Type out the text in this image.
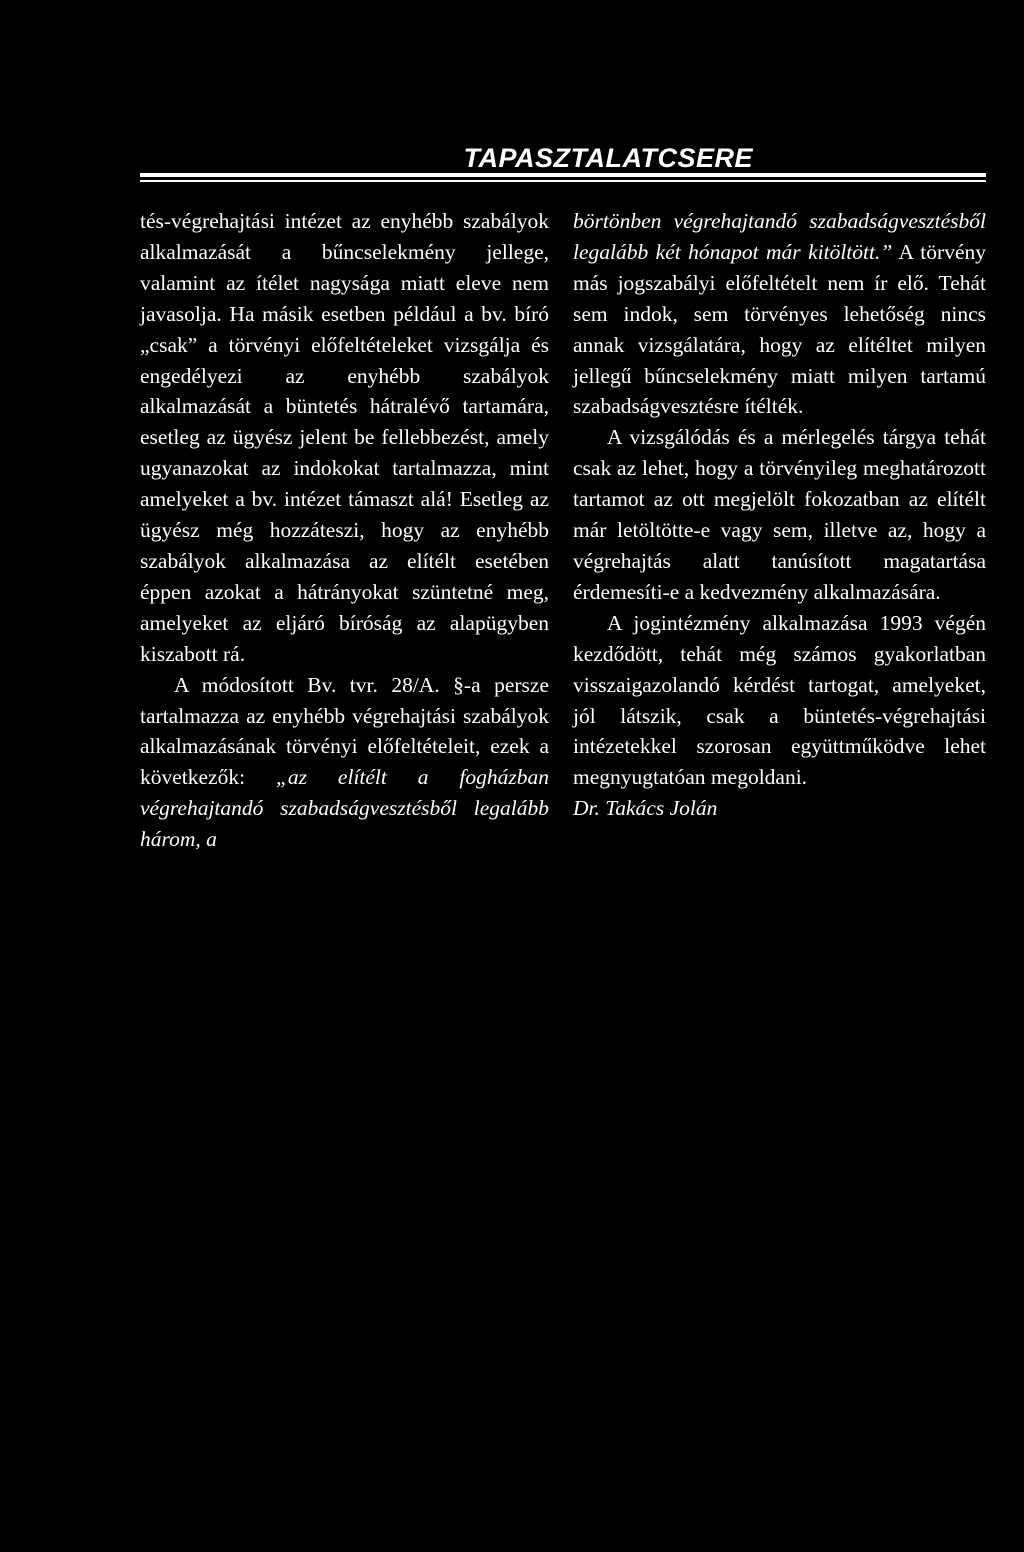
TAPASZTALATCSERE

tés-végrehajtási intézet az enyhébb szabályok alkalmazását a bűncselekmény jellege, valamint az ítélet nagysága miatt eleve nem javasolja. Ha másik esetben például a bv. bíró „csak” a törvényi előfeltételeket vizsgálja és engedélyezi az enyhébb szabályok alkalmazását a büntetés hátralévő tartamára, esetleg az ügyész jelent be fellebbezést, amely ugyanazokat az indokokat tartalmazza, mint amelyeket a bv. intézet támaszt alá! Esetleg az ügyész még hozzáteszi, hogy az enyhébb szabályok alkalmazása az elítélt esetében éppen azokat a hátrányokat szüntetné meg, amelyeket az eljáró bíróság az alapügyben kiszabott rá.

A módosított Bv. tvr. 28/A. §-a persze tartalmazza az enyhébb végrehajtási szabályok alkalmazásának törvényi előfeltételeit, ezek a következők: „az elítélt a fogházban végrehajtandó szabadságvesztésből legalább három, a

börtönben végrehajtandó szabadságvesztésből legalább két hónapot már kitöltött.” A törvény más jogszabályi előfeltételt nem ír elő. Tehát sem indok, sem törvényes lehetőség nincs annak vizsgálatára, hogy az elítéltet milyen jellegű bűncselekmény miatt milyen tartamú szabadságvesztésre ítélték.

A vizsgálódás és a mérlegelés tárgya tehát csak az lehet, hogy a törvényileg meghatározott tartamot az ott megjelölt fokozatban az elítélt már letöltötte-e vagy sem, illetve az, hogy a végrehajtás alatt tanúsított magatartása érdemesíti-e a kedvezmény alkalmazására.

A jogintézmény alkalmazása 1993 végén kezdődött, tehát még számos gyakorlatban visszaigazolandó kérdést tartogat, amelyeket, jól látszik, csak a büntetés-végrehajtási intézetekkel szorosan együttműködve lehet megnyugtatóan megoldani.

Dr. Takács Jolán
